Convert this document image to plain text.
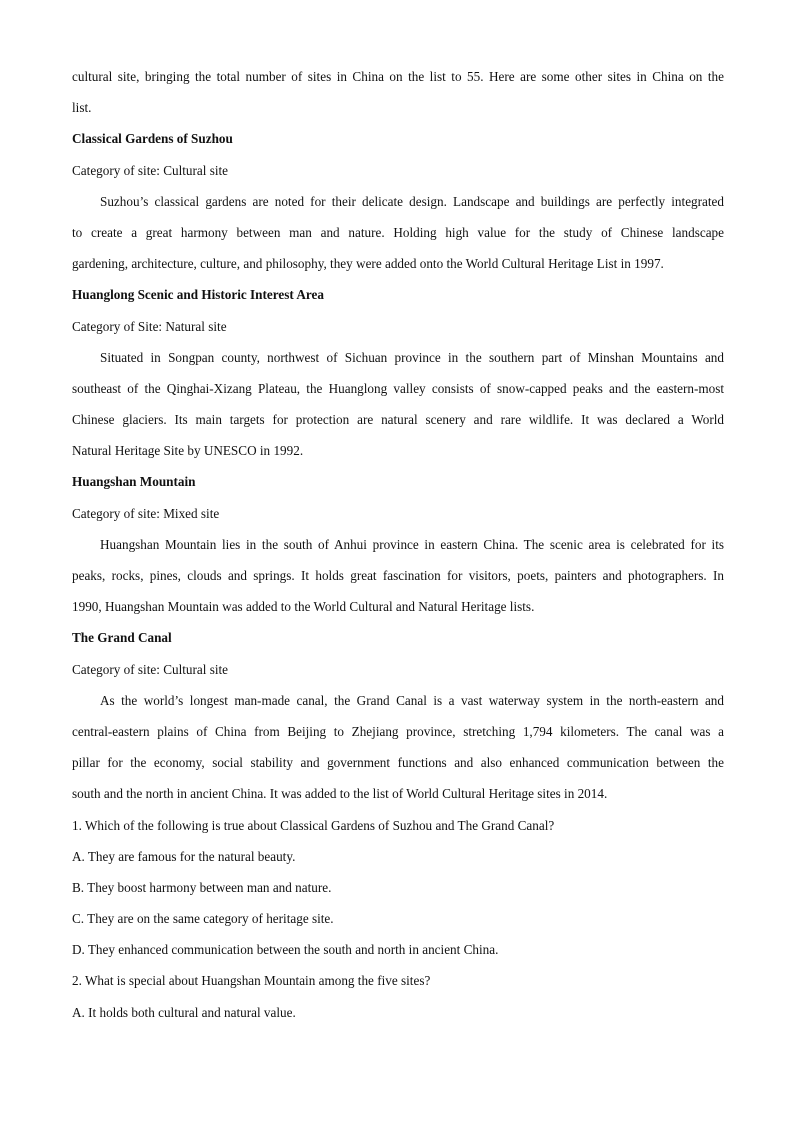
cultural site, bringing the total number of sites in China on the list to 55. Here are some other sites in China on the
list.
Classical Gardens of Suzhou
Category of site: Cultural site
Suzhou’s classical gardens are noted for their delicate design. Landscape and buildings are perfectly integrated
to create a great harmony between man and nature. Holding high value for the study of Chinese landscape
gardening, architecture, culture, and philosophy, they were added onto the World Cultural Heritage List in 1997.
Huanglong Scenic and Historic Interest Area
Category of Site: Natural site
Situated in Songpan county, northwest of Sichuan province in the southern part of Minshan Mountains and
southeast of the Qinghai-Xizang Plateau, the Huanglong valley consists of snow-capped peaks and the eastern-most
Chinese glaciers. Its main targets for protection are natural scenery and rare wildlife. It was declared a World
Natural Heritage Site by UNESCO in 1992.
Huangshan Mountain
Category of site: Mixed site
Huangshan Mountain lies in the south of Anhui province in eastern China. The scenic area is celebrated for its
peaks, rocks, pines, clouds and springs. It holds great fascination for visitors, poets, painters and photographers. In
1990, Huangshan Mountain was added to the World Cultural and Natural Heritage lists.
The Grand Canal
Category of site: Cultural site
As the world’s longest man-made canal, the Grand Canal is a vast waterway system in the north-eastern and
central-eastern plains of China from Beijing to Zhejiang province, stretching 1,794 kilometers. The canal was a
pillar for the economy, social stability and government functions and also enhanced communication between the
south and the north in ancient China. It was added to the list of World Cultural Heritage sites in 2014.
1. Which of the following is true about Classical Gardens of Suzhou and The Grand Canal?
A. They are famous for the natural beauty.
B. They boost harmony between man and nature.
C. They are on the same category of heritage site.
D. They enhanced communication between the south and north in ancient China.
2. What is special about Huangshan Mountain among the five sites?
A. It holds both cultural and natural value.
